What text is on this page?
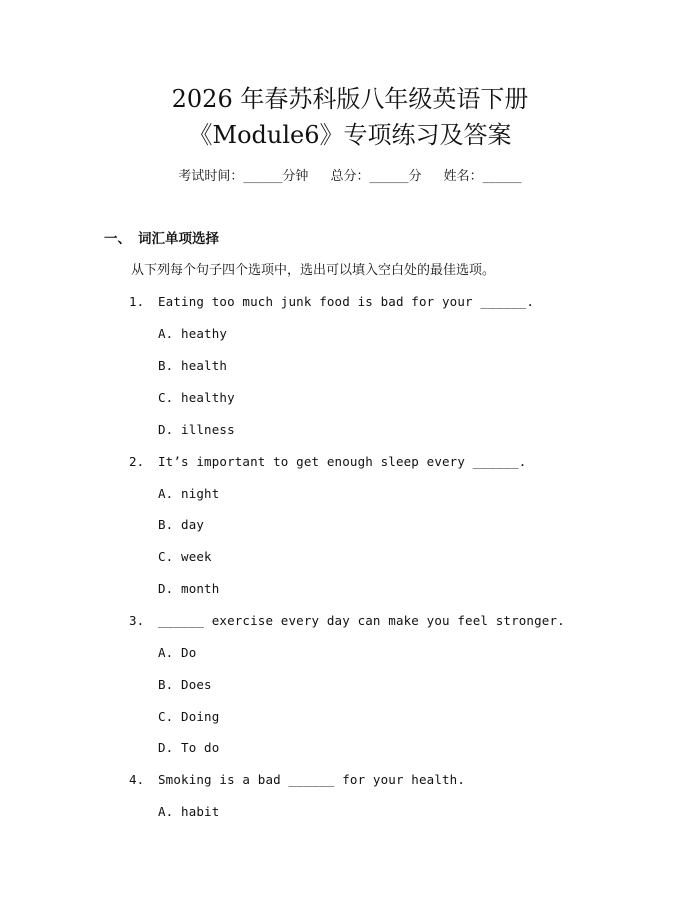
2026 年春苏科版八年级英语下册
《Module6》专项练习及答案
考试时间：______分钟 总分：______分 姓名：______
一、 词汇单项选择
从下列每个句子四个选项中，选出可以填入空白处的最佳选项。
1. Eating too much junk food is bad for your ______.
A. heathy
B. health
C. healthy
D. illness
2. It’s important to get enough sleep every ______.
A. night
B. day
C. week
D. month
3. ______ exercise every day can make you feel stronger.
A. Do
B. Does
C. Doing
D. To do
4. Smoking is a bad ______ for your health.
A. habit
